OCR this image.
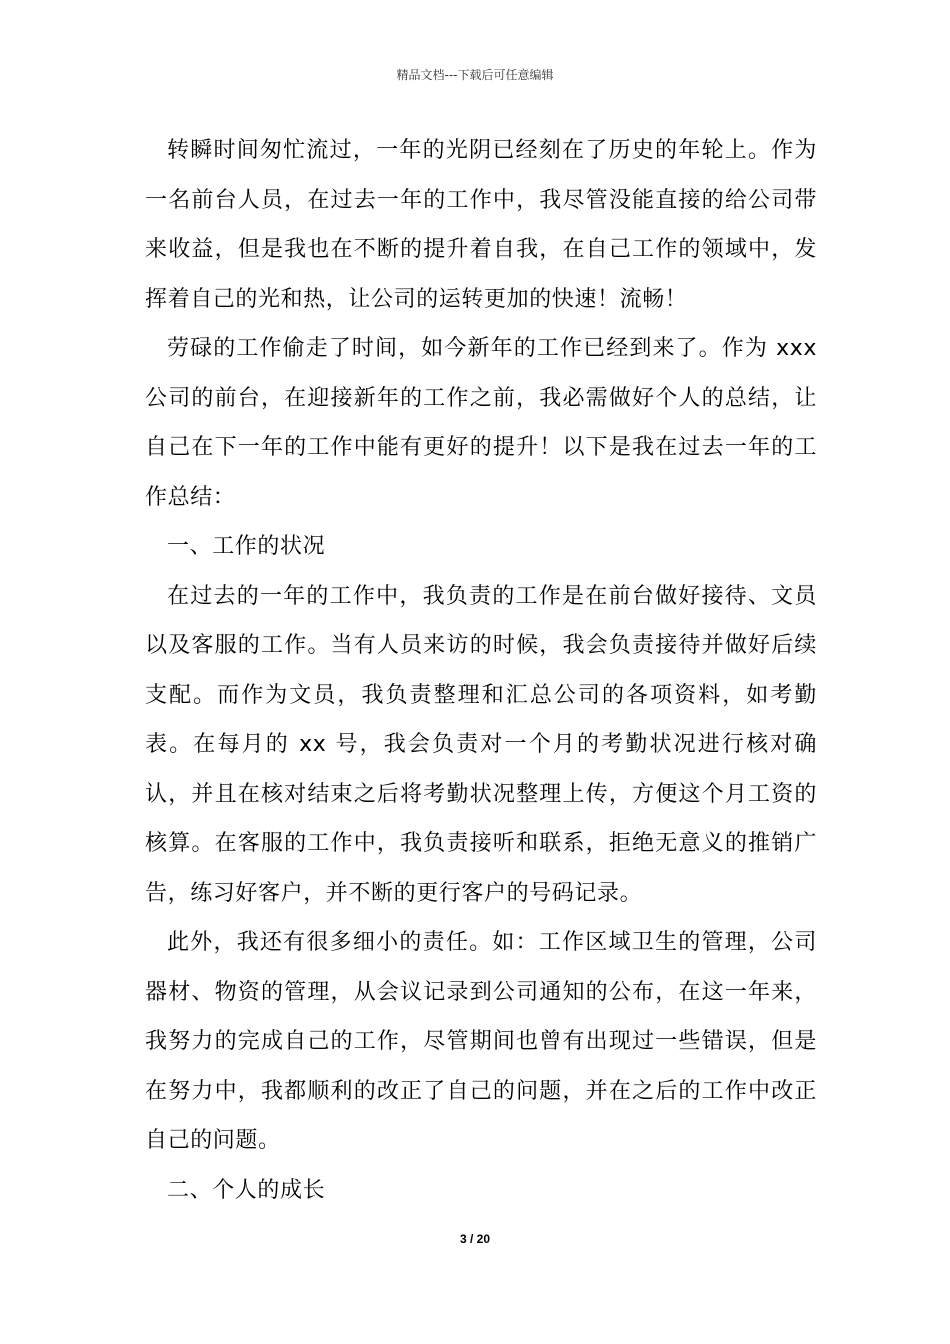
精品文档---下载后可任意编辑

转瞬时间匆忙流过，一年的光阴已经刻在了历史的年轮上。作为一名前台人员，在过去一年的工作中，我尽管没能直接的给公司带来收益，但是我也在不断的提升着自我，在自己工作的领域中，发挥着自己的光和热，让公司的运转更加的快速！流畅！

劳碌的工作偷走了时间，如今新年的工作已经到来了。作为 xxx 公司的前台，在迎接新年的工作之前，我必需做好个人的总结，让自己在下一年的工作中能有更好的提升！以下是我在过去一年的工作总结：

一、工作的状况

在过去的一年的工作中，我负责的工作是在前台做好接待、文员以及客服的工作。当有人员来访的时候，我会负责接待并做好后续支配。而作为文员，我负责整理和汇总公司的各项资料，如考勤表。在每月的 xx 号，我会负责对一个月的考勤状况进行核对确认，并且在核对结束之后将考勤状况整理上传，方便这个月工资的核算。在客服的工作中，我负责接听和联系，拒绝无意义的推销广告，练习好客户，并不断的更行客户的号码记录。

此外，我还有很多细小的责任。如：工作区域卫生的管理，公司器材、物资的管理，从会议记录到公司通知的公布，在这一年来，我努力的完成自己的工作，尽管期间也曾有出现过一些错误，但是在努力中，我都顺利的改正了自己的问题，并在之后的工作中改正自己的问题。

二、个人的成长

3 / 20
